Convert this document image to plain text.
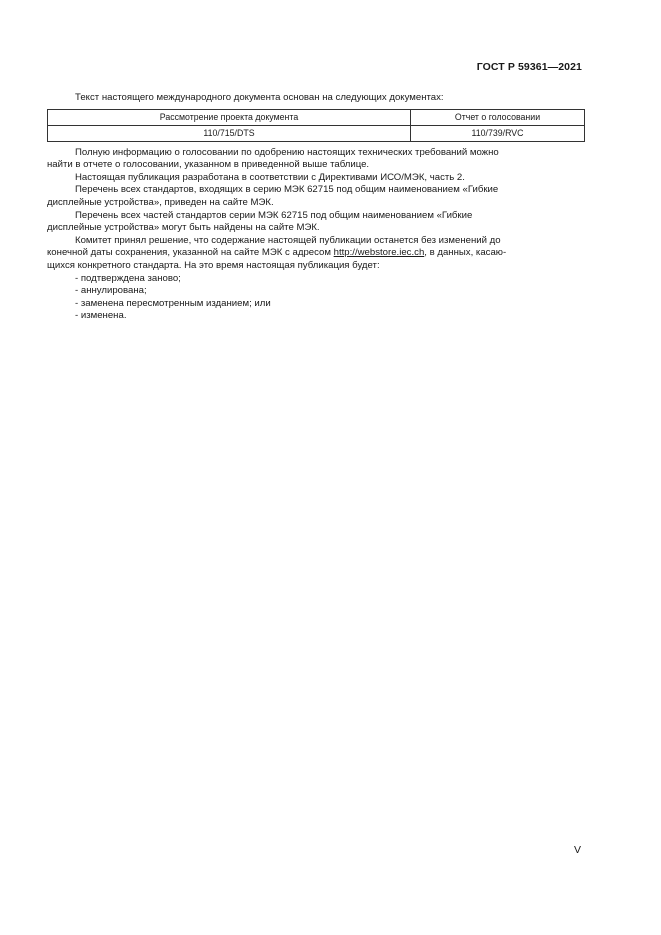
ГОСТ Р 59361—2021

Текст настоящего международного документа основан на следующих документах:

Рассмотрение проекта документа	Отчет о голосовании
110/715/DTS	110/739/RVC

Полную информацию о голосовании по одобрению настоящих технических требований можно
найти в отчете о голосовании, указанном в приведенной выше таблице.

Настоящая публикация разработана в соответствии с Директивами ИСО/МЭК, часть 2.

Перечень всех стандартов, входящих в серию МЭК 62715 под общим наименованием «Гибкие
дисплейные устройства», приведен на сайте МЭК.

Перечень всех частей стандартов серии МЭК 62715 под общим наименованием «Гибкие
дисплейные устройства» могут быть найдены на сайте МЭК.

Комитет принял решение, что содержание настоящей публикации останется без изменений до
конечной даты сохранения, указанной на сайте МЭК с адресом http://webstore.iec.ch, в данных, касаю-
щихся конкретного стандарта. На это время настоящая публикация будет:

- подтверждена заново;
- аннулирована;
- заменена пересмотренным изданием; или
- изменена.
V
